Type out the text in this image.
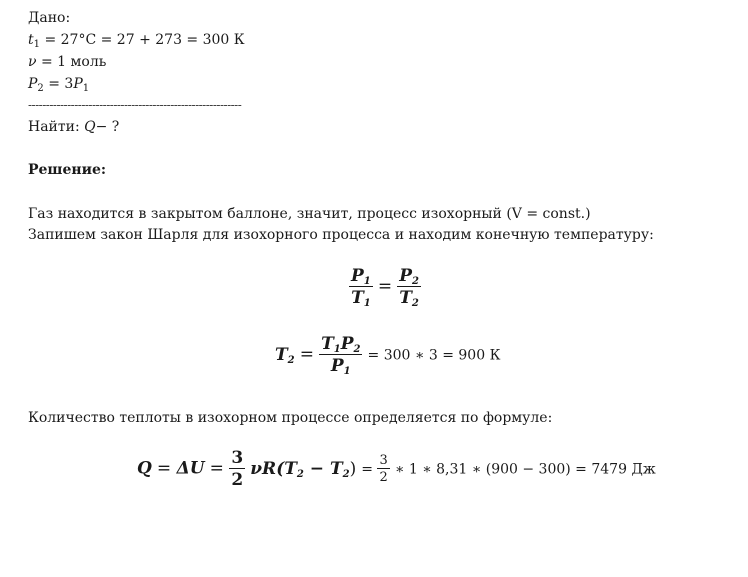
Дано:
$t_1 = 27^\circ C = 27 + 273 = 300$ К
ν = 1 моль
$P_2 = 3P_1$
------------------------------------------------------------
Найти: Q− ?
Решение:
Газ находится в закрытом баллоне, значит, процесс изохорный (V = const.)
Запишем закон Шарля для изохорного процесса и находим конечную температуру:
$\frac{P_1}{T_1} = \frac{P_2}{T_2}$
$T_2 = \frac{T_1P_2}{P_1} = 300$ ∗ 3 = 900 К
Количество теплоты в изохорном процессе определяется по формуле:
$Q = \Delta U = \frac{3}{2} \nu R(T_2 - T_2) = \frac{3}{2}$ ∗ 1 ∗ 8,31 ∗ (900 − 300) = 7479 Дж
